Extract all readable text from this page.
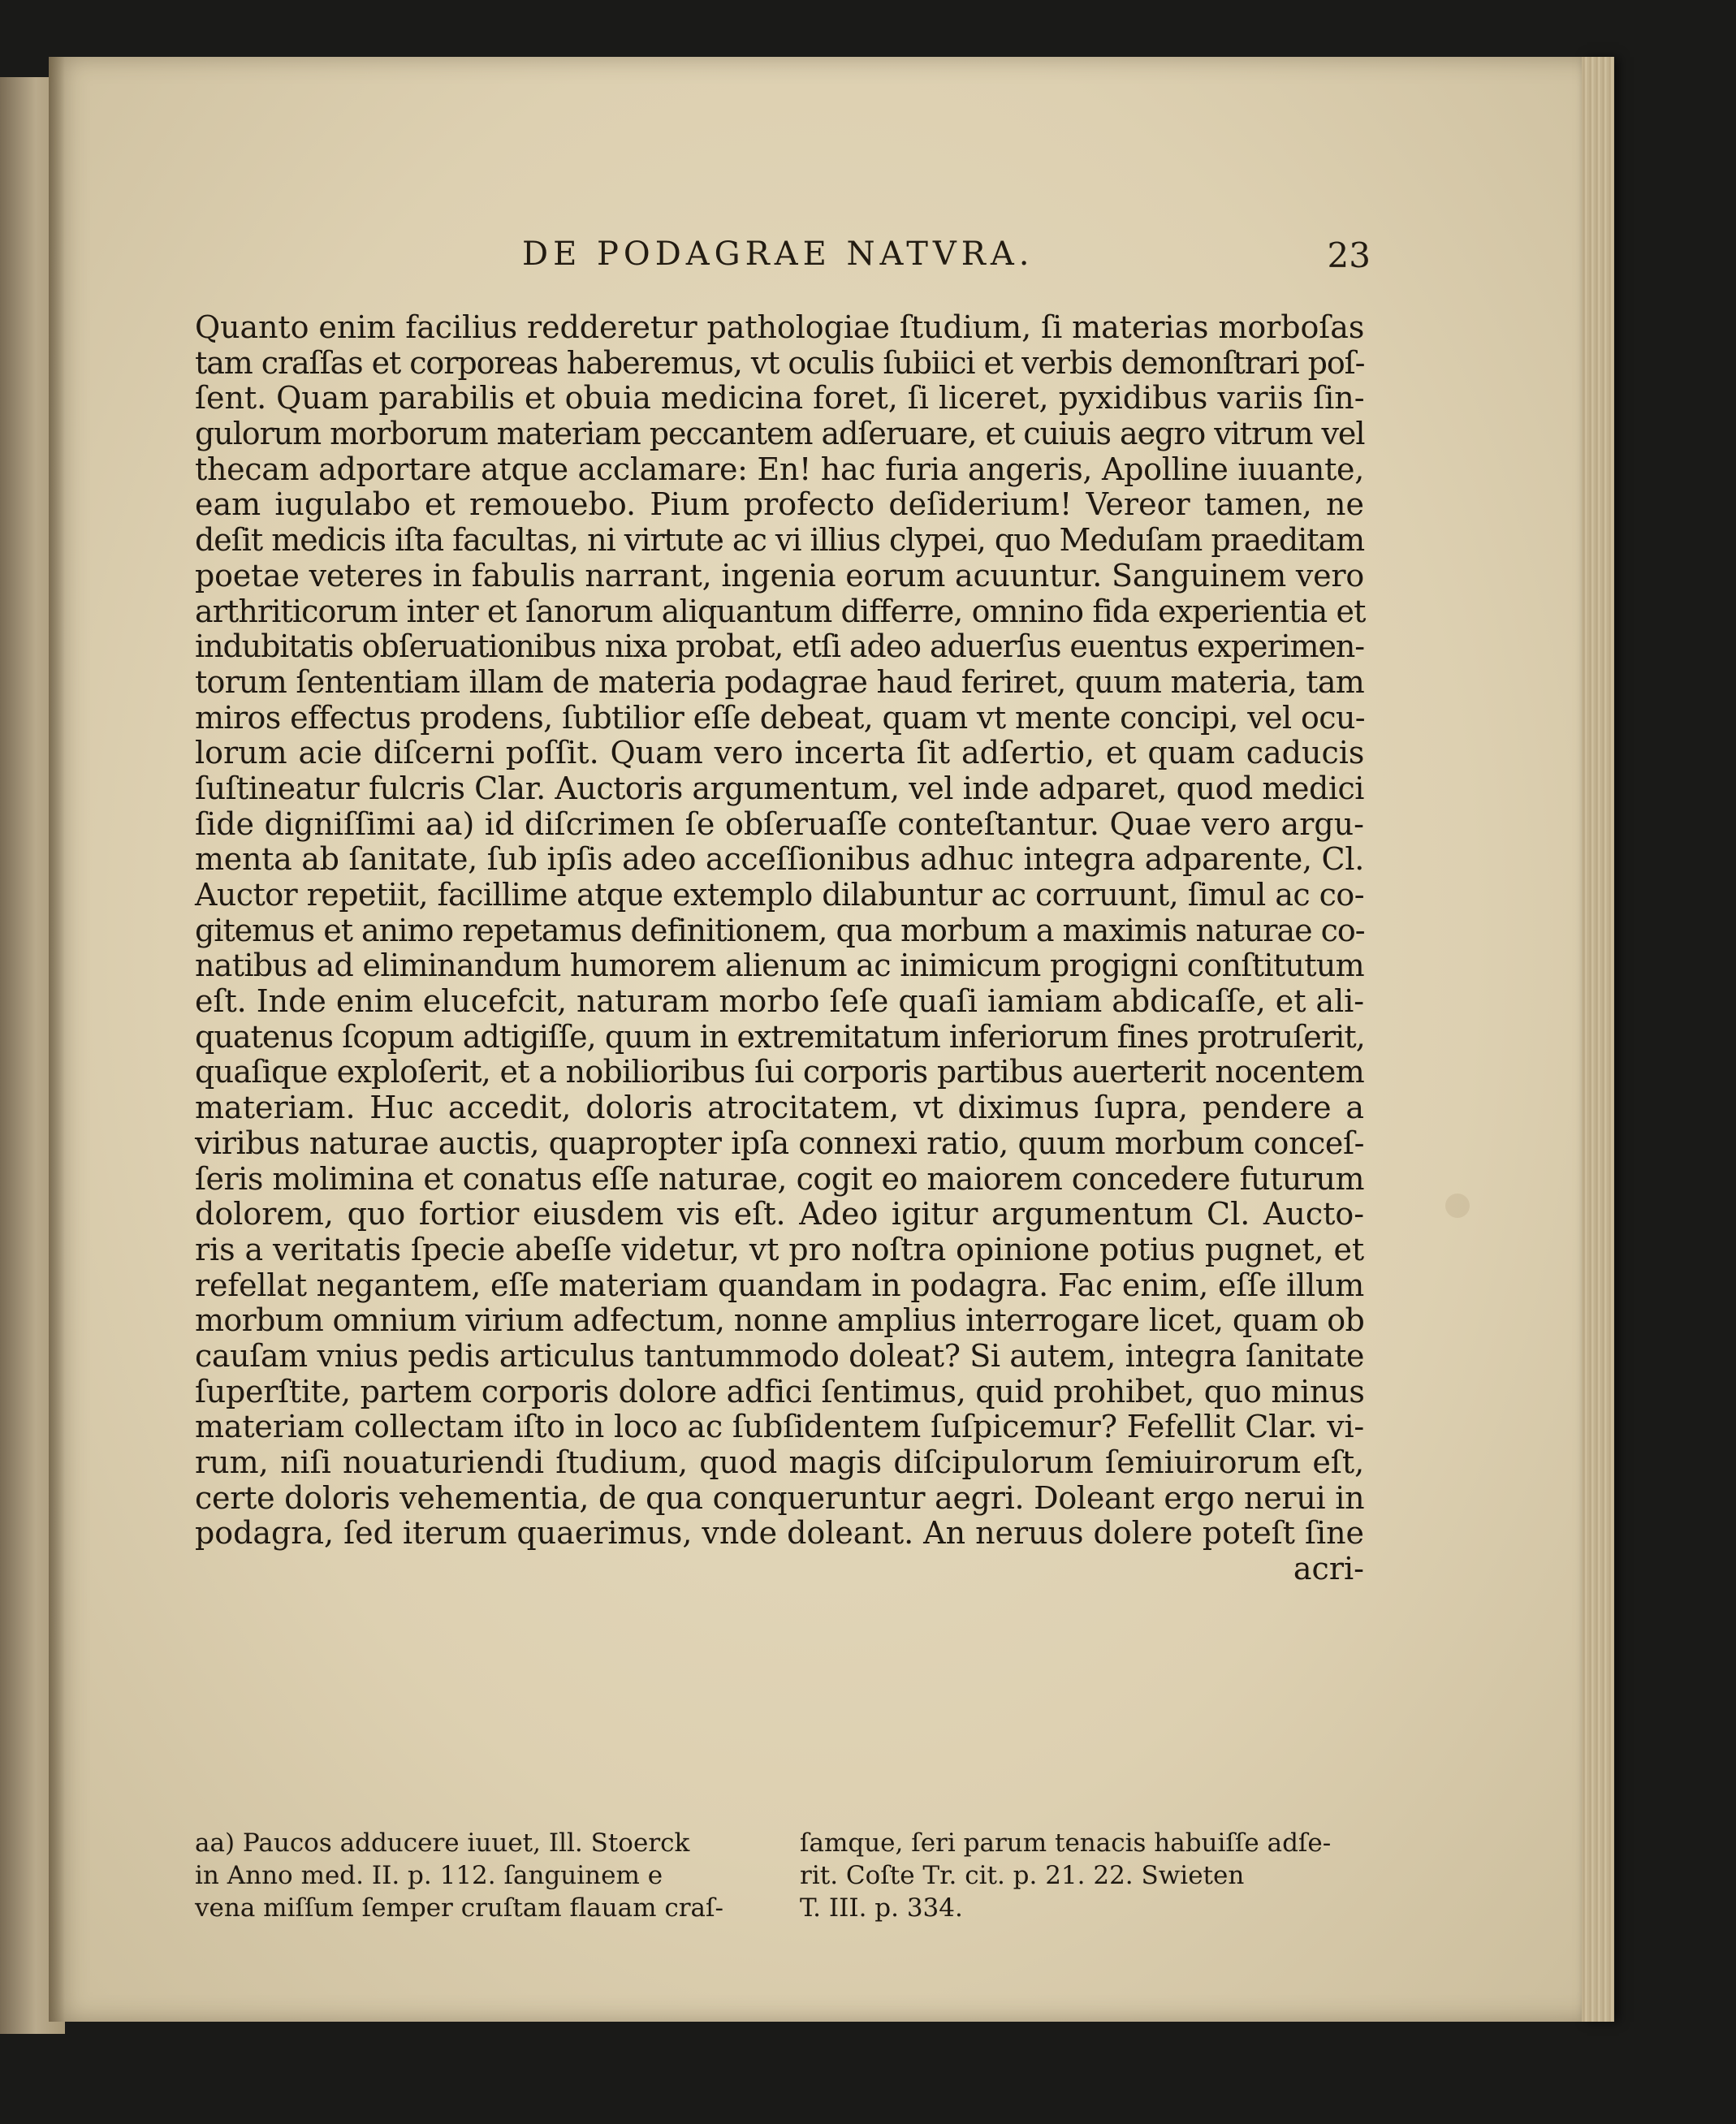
DE PODAGRAE NATVRA.	23
Quanto enim facilius redderetur pathologiae ſtudium, ſi materias morboſas
tam craſſas et corporeas haberemus, vt oculis ſubiici et verbis demonſtrari poſ-
ſent. Quam parabilis et obuia medicina foret, ſi liceret, pyxidibus variis ſin-
gulorum morborum materiam peccantem adſeruare, et cuiuis aegro vitrum vel
thecam adportare atque acclamare: En! hac furia angeris, Apolline iuuante,
eam iugulabo et remouebo. Pium profecto deſiderium! Vereor tamen, ne
deſit medicis iſta facultas, ni virtute ac vi illius clypei, quo Meduſam praeditam
poetae veteres in fabulis narrant, ingenia eorum acuuntur. Sanguinem vero
arthriticorum inter et ſanorum aliquantum differre, omnino fida experientia et
indubitatis obſeruationibus nixa probat, etſi adeo aduerſus euentus experimen-
torum ſententiam illam de materia podagrae haud feriret, quum materia, tam
miros effectus prodens, ſubtilior eſſe debeat, quam vt mente concipi, vel ocu-
lorum acie diſcerni poſſit. Quam vero incerta ſit adſertio, et quam caducis
ſuſtineatur fulcris Clar. Auctoris argumentum, vel inde adparet, quod medici
ſide digniſſimi aa) id diſcrimen ſe obſeruaſſe conteſtantur. Quae vero argu-
menta ab ſanitate, ſub ipſis adeo acceſſionibus adhuc integra adparente, Cl.
Auctor repetiit, facillime atque extemplo dilabuntur ac corruunt, ſimul ac co-
gitemus et animo repetamus definitionem, qua morbum a maximis naturae co-
natibus ad eliminandum humorem alienum ac inimicum progigni conſtitutum
eſt. Inde enim elucefcit, naturam morbo ſeſe quaſi iamiam abdicaſſe, et ali-
quatenus ſcopum adtigiſſe, quum in extremitatum inferiorum fines protruſerit,
quaſique exploſerit, et a nobilioribus ſui corporis partibus auerterit nocentem
materiam. Huc accedit, doloris atrocitatem, vt diximus ſupra, pendere a
viribus naturae auctis, quapropter ipſa connexi ratio, quum morbum conceſ-
ſeris molimina et conatus eſſe naturae, cogit eo maiorem concedere futurum
dolorem, quo fortior eiusdem vis eſt. Adeo igitur argumentum Cl. Aucto-
ris a veritatis ſpecie abeſſe videtur, vt pro noſtra opinione potius pugnet, et
refellat negantem, eſſe materiam quandam in podagra. Fac enim, eſſe illum
morbum omnium virium adfectum, nonne amplius interrogare licet, quam ob
cauſam vnius pedis articulus tantummodo doleat? Si autem, integra ſanitate
ſuperſtite, partem corporis dolore adfici ſentimus, quid prohibet, quo minus
materiam collectam iſto in loco ac ſubſidentem ſuſpicemur? Fefellit Clar. vi-
rum, niſi nouaturiendi ſtudium, quod magis diſcipulorum ſemiuirorum eſt,
certe doloris vehementia, de qua conqueruntur aegri. Doleant ergo nerui in
podagra, ſed iterum quaerimus, vnde doleant. An neruus dolere poteſt ſine
acri-
aa) Paucos adducere iuuet, Ill. Stoerck
in Anno med. II. p. 112. ſanguinem e
vena miſſum ſemper cruſtam flauam craſ-
ſamque, ſeri parum tenacis habuiſſe adſe-
rit. Coſte Tr. cit. p. 21. 22. Swieten
T. III. p. 334.
